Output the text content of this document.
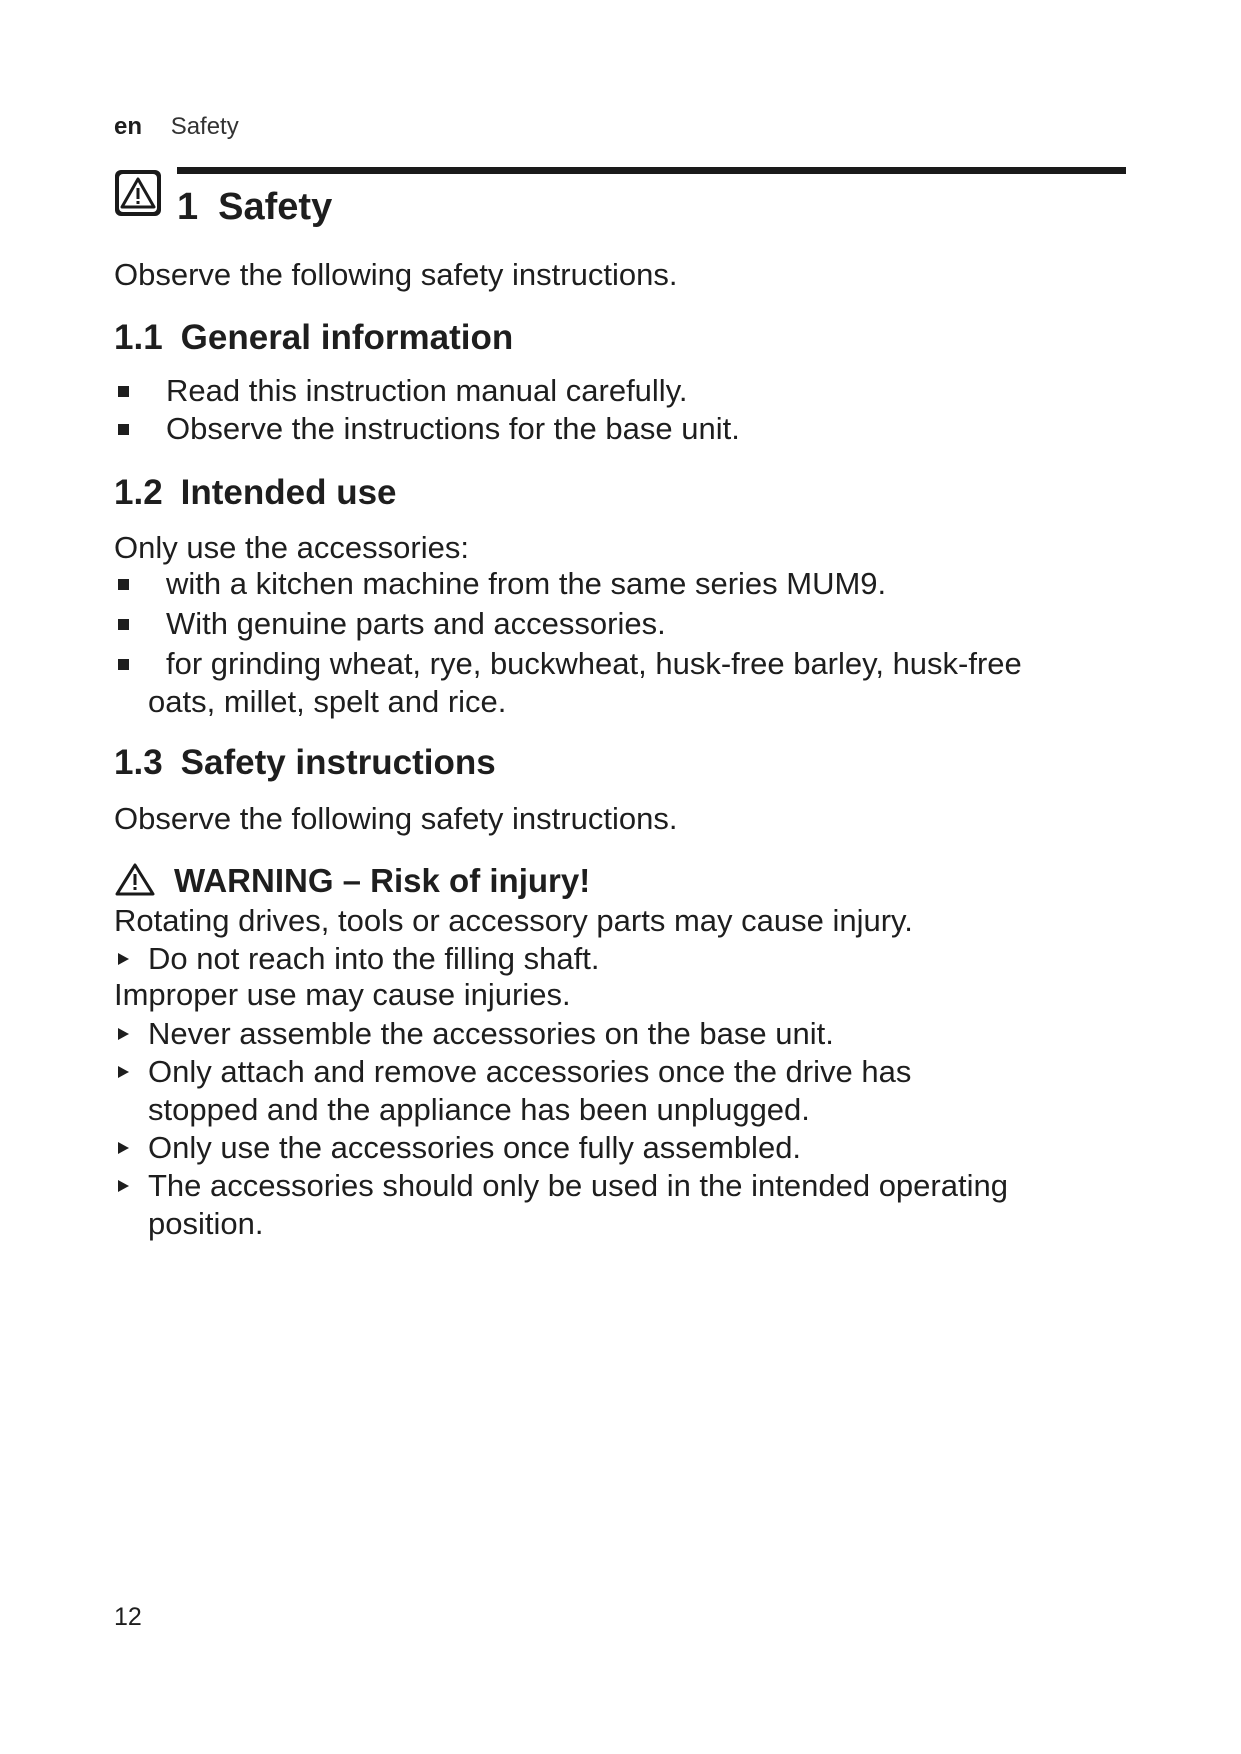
en Safety
1 Safety

Observe the following safety instructions.

1.1 General information
Read this instruction manual carefully.
Observe the instructions for the base unit.
1.2 Intended use

Only use the accessories:

with a kitchen machine from the same series MUM9.
With genuine parts and accessories.
for grinding wheat, rye, buckwheat, husk-free barley, husk-free
oats, millet, spelt and rice.
1.3 Safety instructions

Observe the following safety instructions.

WARNING – Risk of injury!

Rotating drives, tools or accessory parts may cause injury.

Do not reach into the filling shaft.

Improper use may cause injuries.

Never assemble the accessories on the base unit.
Only attach and remove accessories once the drive has
stopped and the appliance has been unplugged.
Only use the accessories once fully assembled.
The accessories should only be used in the intended operating
position.
12
